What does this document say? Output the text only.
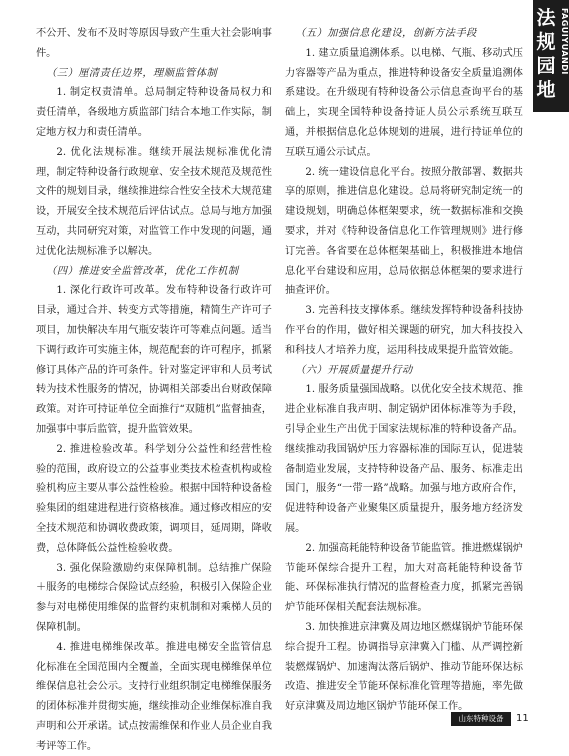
不公开、发布不及时等原因导致产生重大社会影响事件。

（三）厘清责任边界，理顺监管体制

1. 制定权责清单。总局制定特种设备局权力和责任清单，各级地方质监部门结合本地工作实际，制定地方权力和责任清单。

2. 优化法规标准。继续开展法规标准优化清理，制定特种设备行政规章、安全技术规范及规范性文件的规划目录，继续推进综合性安全技术大规范建设，开展安全技术规范后评估试点。总局与地方加强互动，共同研究对策，对监管工作中发现的问题，通过优化法规标准予以解决。

（四）推进安全监管改革，优化工作机制

1. 深化行政许可改革。发布特种设备行政许可目录，通过合并、转变方式等措施，精简生产许可子项目，加快解决车用气瓶安装许可等难点问题。适当下调行政许可实施主体，规范配套的许可程序，抓紧修订具体产品的许可条件。针对鉴定评审和人员考试转为技术性服务的情况，协调相关部委出台财政保障政策。对许可持证单位全面推行“双随机”监督抽查，加强事中事后监管，提升监管效果。

2. 推进检验改革。科学划分公益性和经营性检验的范围，政府设立的公益事业类技术检查机构或检验机构应主要从事公益性检验。根据中国特种设备检验集团的组建进程进行资格核准。通过修改相应的安全技术规范和协调收费政策，调项目，延周期，降收费，总体降低公益性检验收费。

3. 强化保险激励约束保障机制。总结推广保险＋服务的电梯综合保险试点经验，积极引入保险企业参与对电梯使用维保的监督约束机制和对乘梯人员的保障机制。

4. 推进电梯维保改革。推进电梯安全监管信息化标准在全国范围内全覆盖，全面实现电梯维保单位维保信息社会公示。支持行业组织制定电梯维保服务的团体标准并贯彻实施，继续推动企业维保标准自我声明和公开承诺。试点按需维保和作业人员企业自我考评等工作。

（五）加强信息化建设，创新方法手段

1. 建立质量追溯体系。以电梯、气瓶、移动式压力容器等产品为重点，推进特种设备安全质量追溯体系建设。在升级现有特种设备公示信息查询平台的基础上，实现全国特种设备持证人员公示系统互联互通，并根据信息化总体规划的进展，进行持证单位的互联互通公示试点。

2. 统一建设信息化平台。按照分散部署、数据共享的原则，推进信息化建设。总局将研究制定统一的建设规划，明确总体框架要求，统一数据标准和交换要求，并对《特种设备信息化工作管理规则》进行修订完善。各省要在总体框架基础上，积极推进本地信息化平台建设和应用，总局依据总体框架的要求进行抽查评价。

3. 完善科技支撑体系。继续发挥特种设备科技协作平台的作用，做好相关课题的研究，加大科技投入和科技人才培养力度，运用科技成果提升监管效能。

（六）开展质量提升行动

1. 服务质量强国战略。以优化安全技术规范、推进企业标准自我声明、制定锅炉团体标准等为手段，引导企业生产出优于国家法规标准的特种设备产品。继续推动我国锅炉压力容器标准的国际互认，促进装备制造业发展，支持特种设备产品、服务、标准走出国门，服务“一带一路”战略。加强与地方政府合作，促进特种设备产业聚集区质量提升，服务地方经济发展。

2. 加强高耗能特种设备节能监管。推进燃煤锅炉节能环保综合提升工程，加大对高耗能特种设备节能、环保标准执行情况的监督检查力度，抓紧完善锅炉节能环保相关配套法规标准。

3. 加快推进京津冀及周边地区燃煤锅炉节能环保综合提升工程。协调指导京津冀入门槛、从严调控新装燃煤锅炉、加速淘汰落后锅炉、推动节能环保达标改造、推进安全节能环保标准化管理等措施，率先做好京津冀及周边地区锅炉节能环保工作。

法规园地
FAGUIYUANDI
山东特种设备	11
